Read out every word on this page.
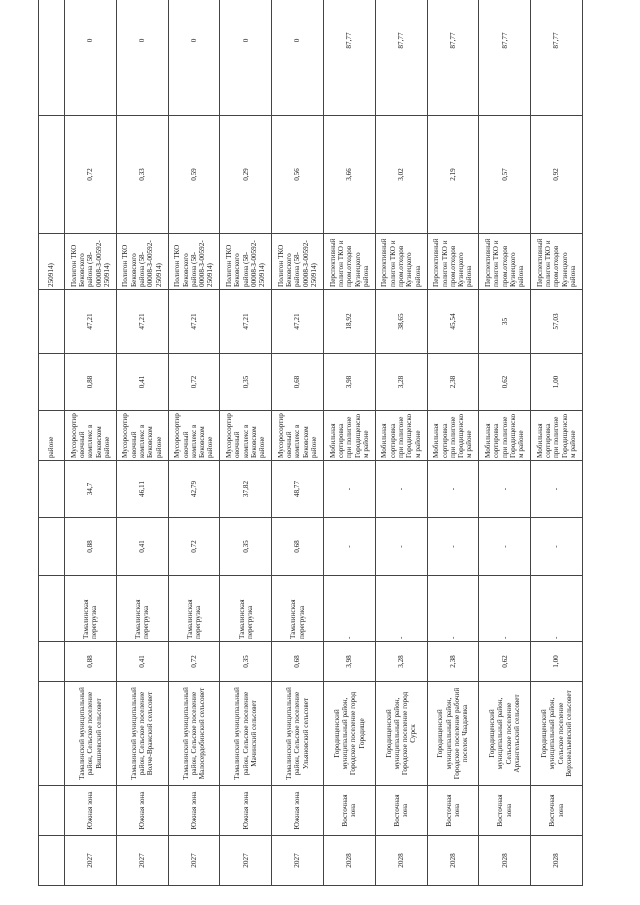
							районе			250914)		
2027	Южная зона	Тамалинский муниципальный район, Сельское поселение Вишневский сельсовет	0,88	Тамалинская перегрузка	0,88	34,7	Мусоросортировочный комплекс в Бековском районе	0,88	47,21	Полигон ТКО Бековского района (58-00008-З-00592-250914)	0,72	0
2027	Южная зона	Тамалинский муниципальный район, Сельское поселение Волче-Вражский сельсовет	0,41	Тамалинская перегрузка	0,41	46,11	Мусоросортировочный комплекс в Бековском районе	0,41	47,21	Полигон ТКО Бековского района (58-00008-З-00592-250914)	0,33	0
2027	Южная зона	Тамалинский муниципальный район, Сельское поселение Малосердобинский сельсовет	0,72	Тамалинская перегрузка	0,72	42,79	Мусоросортировочный комплекс в Бековском районе	0,72	47,21	Полигон ТКО Бековского района (58-00008-З-00592-250914)	0,59	0
2027	Южная зона	Тамалинский муниципальный район, Сельское поселение Мачинский сельсовет	0,35	Тамалинская перегрузка	0,35	37,82	Мусоросортировочный комплекс в Бековском районе	0,35	47,21	Полигон ТКО Бековского района (58-00008-З-00592-250914)	0,29	0
2027	Южная зона	Тамалинский муниципальный район, Сельское поселение Ульяновский сельсовет	0,68	Тамалинская перегрузка	0,68	48,77	Мусоросортировочный комплекс в Бековском районе	0,68	47,21	Полигон ТКО Бековского района (58-00008-З-00592-250914)	0,56	0
2028	Восточная зона	Городищенский муниципальный район, Городское поселение город Городище	3,98	-	-	-	Мобильная сортировка при полигоне Городищенском районе	3,98	18,92	Перспективный полигон ТКО и пром.отходов Кузнецкого района	3,66	87,77
2028	Восточная зона	Городищенский муниципальный район, Городское поселение город Сурск	3,28	-	-	-	Мобильная сортировка при полигоне Городищенском районе	3,28	38,65	Перспективный полигон ТКО и пром.отходов Кузнецкого района	3,02	87,77
2028	Восточная зона	Городищенский муниципальный район, Городское поселение рабочий поселок Чаадаевка	2,38	-	-	-	Мобильная сортировка при полигоне Городищенском районе	2,38	45,54	Перспективный полигон ТКО и пром.отходов Кузнецкого района	2,19	87,77
2028	Восточная зона	Городищенский муниципальный район, Сельское поселение Архангельский сельсовет	0,62	-	-	-	Мобильная сортировка при полигоне Городищенском районе	0,62	35	Перспективный полигон ТКО и пром.отходов Кузнецкого района	0,57	87,77
2028	Восточная зона	Городищенский муниципальный район, Сельское поселение Верхнеалыевский сельсовет	1,00	-	-	-	Мобильная сортировка при полигоне Городищенском районе	1,00	57,03	Перспективный полигон ТКО и пром.отходов Кузнецкого района	0,92	87,77
